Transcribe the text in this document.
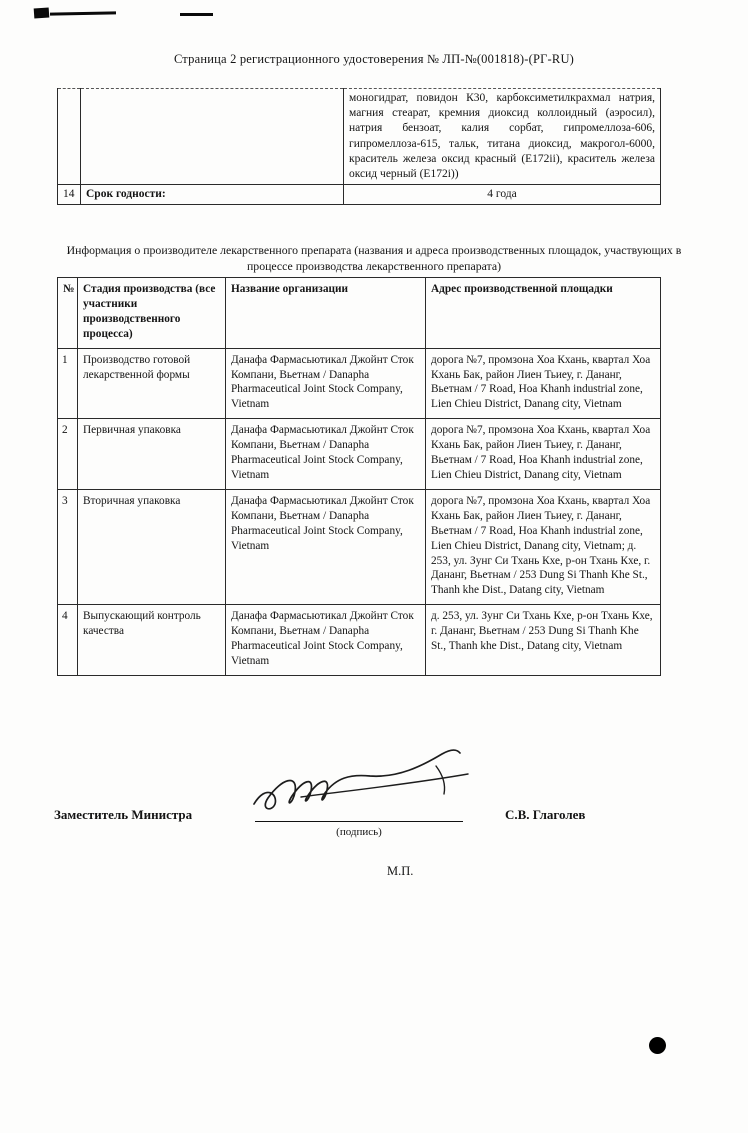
Страница 2 регистрационного удостоверения № ЛП-№(001818)-(РГ-RU)
		моногидрат, повидон К30, карбоксиметилкрахмал натрия, магния стеарат, кремния диоксид коллоидный (аэросил), натрия бензоат, калия сорбат, гипромеллоза-606, гипромеллоза-615, тальк, титана диоксид, макрогол-6000, краситель железа оксид красный (Е172ii), краситель железа оксид черный (Е172i))
14	Срок годности:	4 года
Информация о производителе лекарственного препарата (названия и адреса производственных площадок, участвующих в процессе производства лекарственного препарата)
№	Стадия производства (все участники производственного процесса)	Название организации	Адрес производственной площадки
1	Производство готовой лекарственной формы	Данафа Фармасьютикал Джойнт Сток Компани, Вьетнам / Danapha Pharmaceutical Joint Stock Company, Vietnam	дорога №7, промзона Хоа Кхань, квартал Хоа Кхань Бак, район Лиен Тьиеу, г. Дананг, Вьетнам / 7 Road, Hoa Khanh industrial zone, Lien Chieu District, Danang city, Vietnam
2	Первичная упаковка	Данафа Фармасьютикал Джойнт Сток Компани, Вьетнам / Danapha Pharmaceutical Joint Stock Company, Vietnam	дорога №7, промзона Хоа Кхань, квартал Хоа Кхань Бак, район Лиен Тьиеу, г. Дананг, Вьетнам / 7 Road, Hoa Khanh industrial zone, Lien Chieu District, Danang city, Vietnam
3	Вторичная упаковка	Данафа Фармасьютикал Джойнт Сток Компани, Вьетнам / Danapha Pharmaceutical Joint Stock Company, Vietnam	дорога №7, промзона Хоа Кхань, квартал Хоа Кхань Бак, район Лиен Тьиеу, г. Дананг, Вьетнам / 7 Road, Hoa Khanh industrial zone, Lien Chieu District, Danang city, Vietnam; д. 253, ул. Зунг Си Тхань Кхе, р-он Тхань Кхе, г. Дананг, Вьетнам / 253 Dung Si Thanh Khe St., Thanh khe Dist., Datang city, Vietnam
4	Выпускающий контроль качества	Данафа Фармасьютикал Джойнт Сток Компани, Вьетнам / Danapha Pharmaceutical Joint Stock Company, Vietnam	д. 253, ул. Зунг Си Тхань Кхе, р-он Тхань Кхе, г. Дананг, Вьетнам / 253 Dung Si Thanh Khe St., Thanh khe Dist., Datang city, Vietnam
Заместитель Министра
(подпись)
С.В. Глаголев
М.П.
